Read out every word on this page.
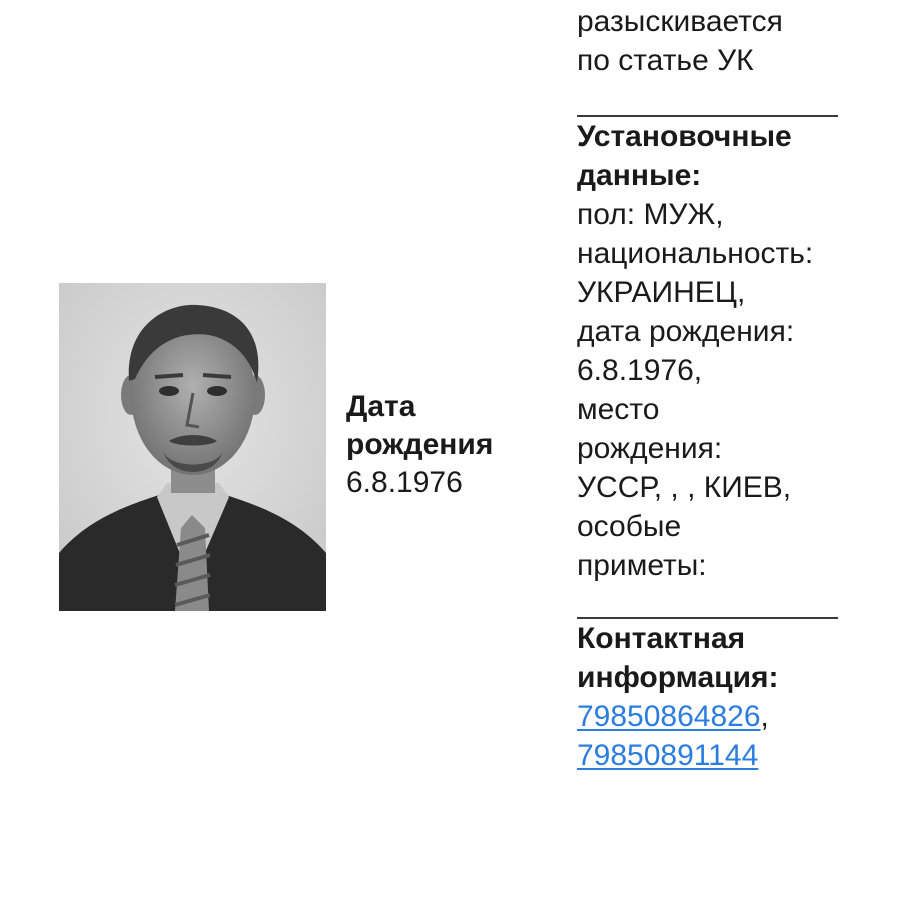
Дата
рождения
6.8.1976

разыскивается
по статье УК

Установочные
данные:
пол: МУЖ,
национальность:
УКРАИНЕЦ,
дата рождения:
6.8.1976,
место
рождения:
УССР, , , КИЕВ,
особые
приметы:

Контактная
информация:
79850864826,
79850891144
